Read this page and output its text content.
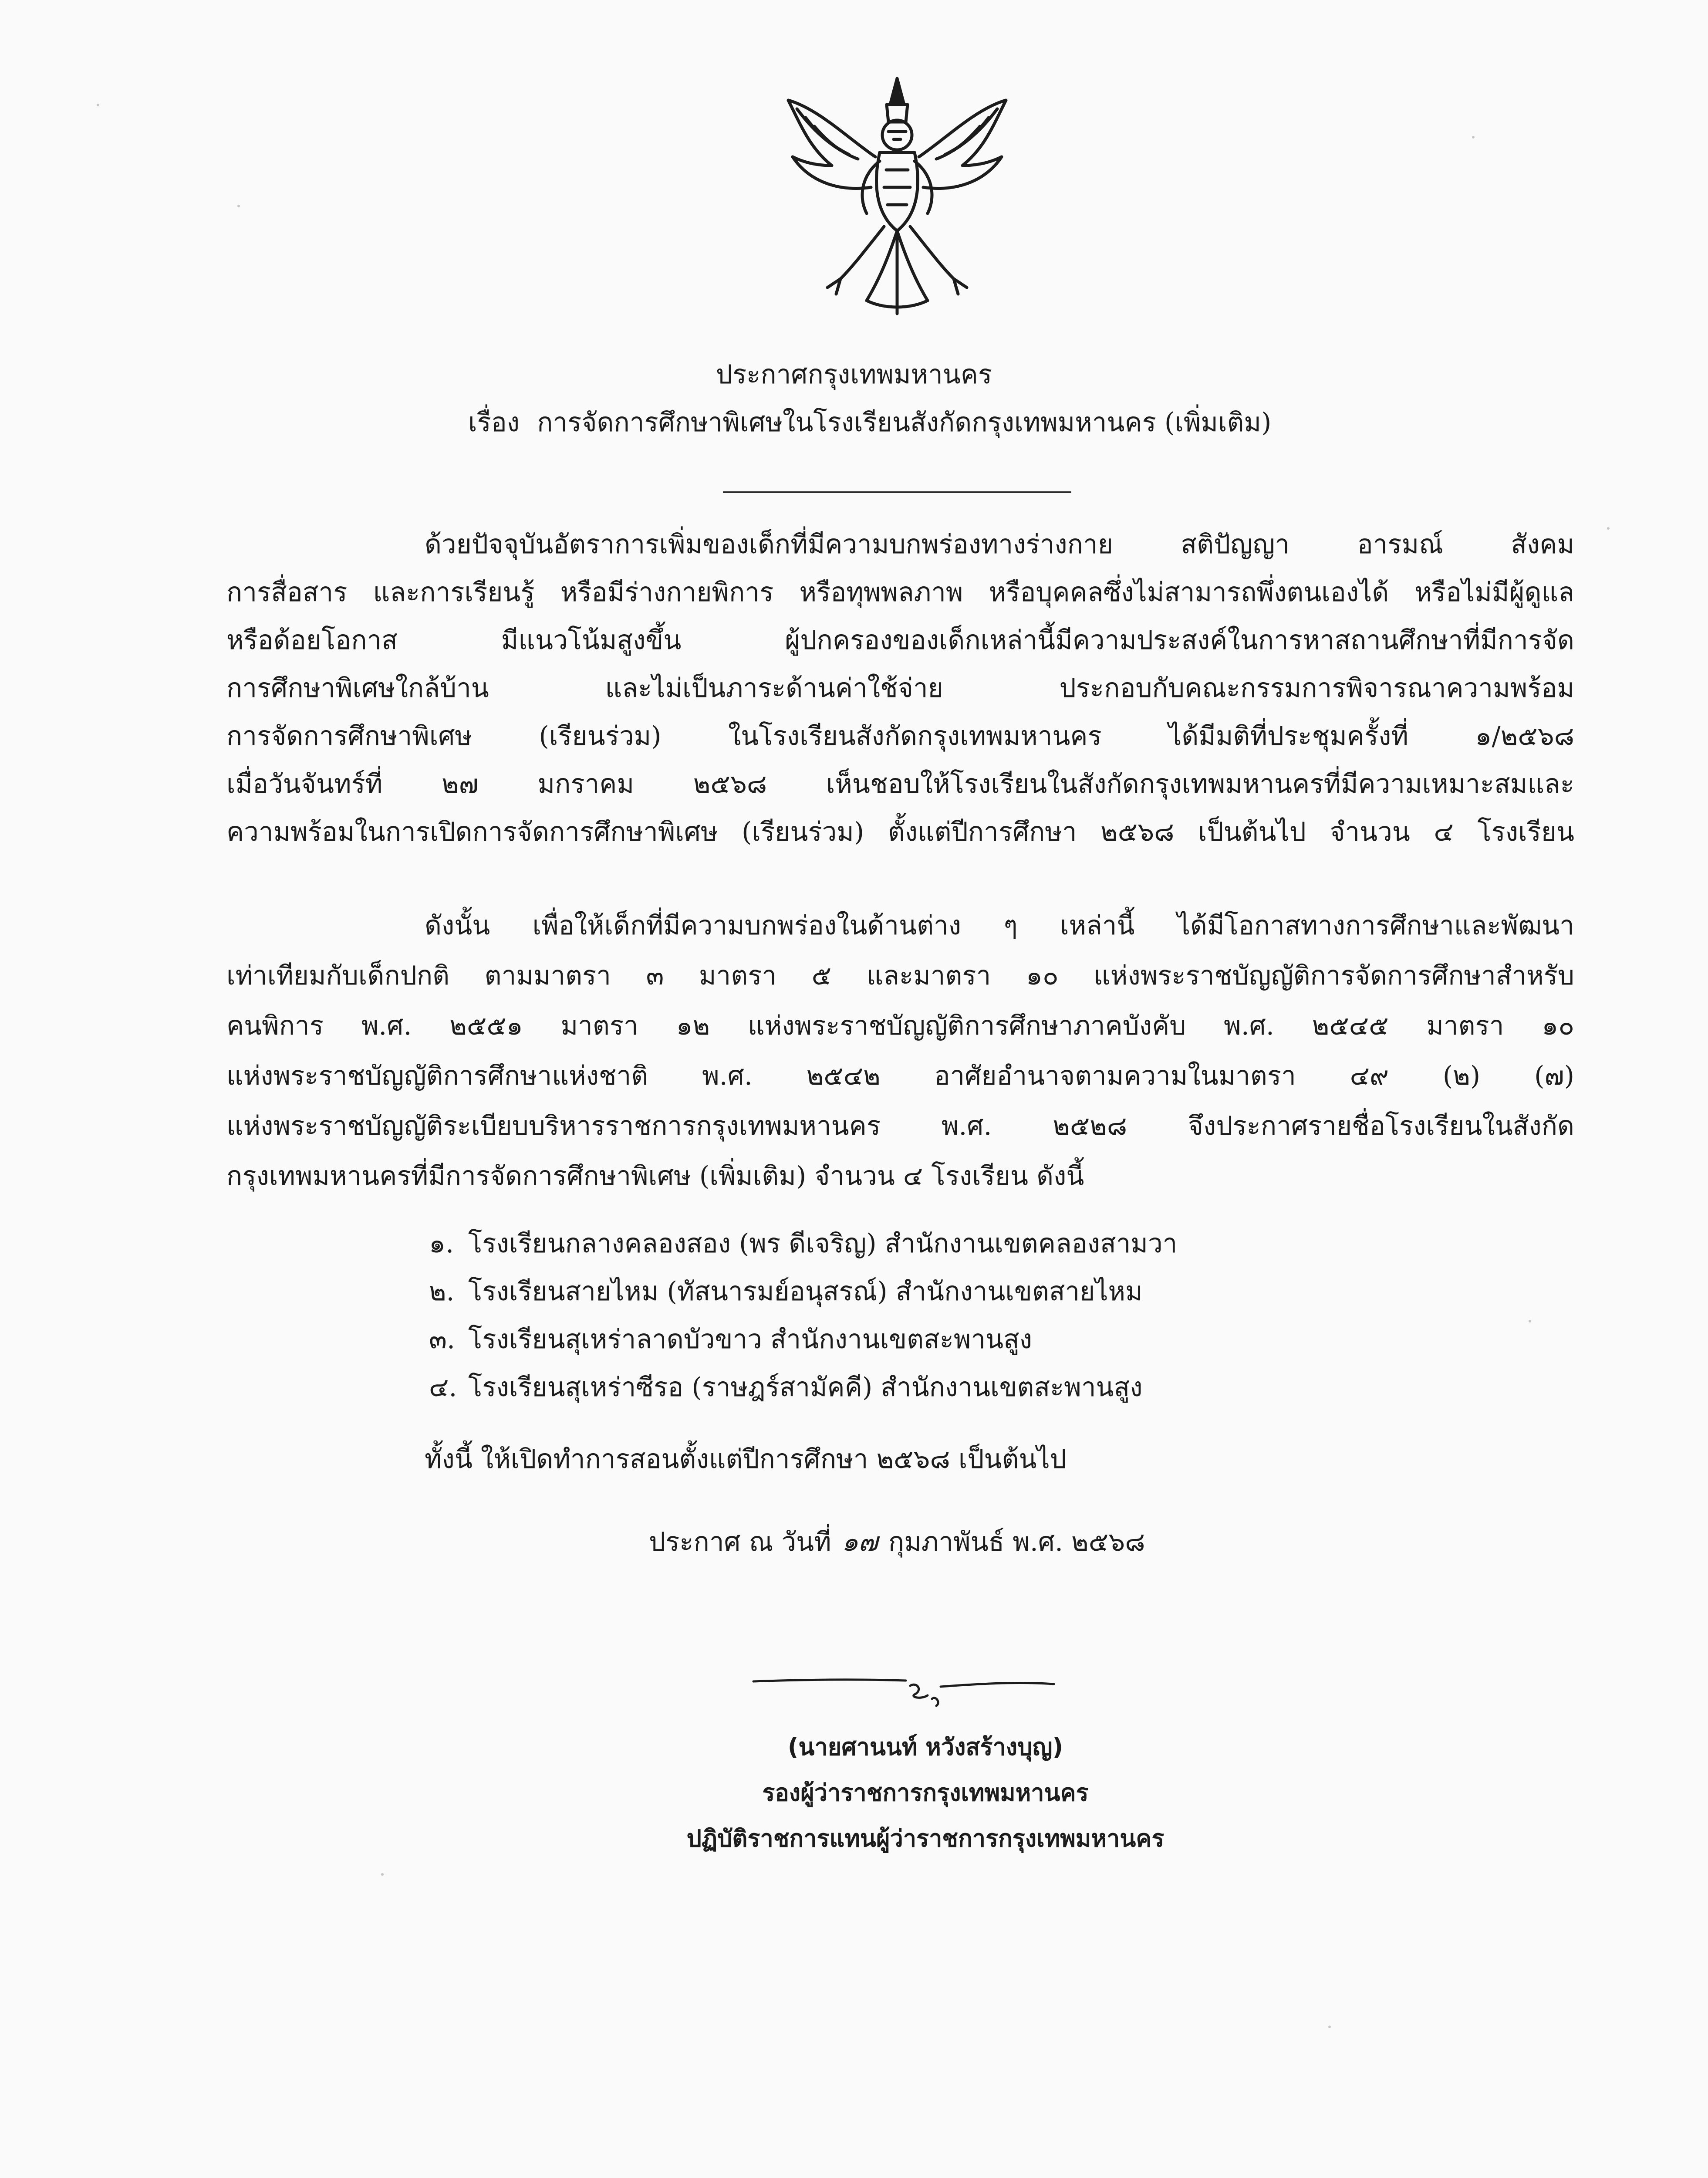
ประกาศกรุงเทพมหานคร
เรื่อง การจัดการศึกษาพิเศษในโรงเรียนสังกัดกรุงเทพมหานคร (เพิ่มเติม)
ด้วยปัจจุบันอัตราการเพิ่มของเด็กที่มีความบกพร่องทางร่างกาย สติปัญญา อารมณ์ สังคม
การสื่อสาร และการเรียนรู้ หรือมีร่างกายพิการ หรือทุพพลภาพ หรือบุคคลซึ่งไม่สามารถพึ่งตนเองได้ หรือไม่มีผู้ดูแล
หรือด้อยโอกาส มีแนวโน้มสูงขึ้น ผู้ปกครองของเด็กเหล่านี้มีความประสงค์ในการหาสถานศึกษาที่มีการจัด
การศึกษาพิเศษใกล้บ้าน และไม่เป็นภาระด้านค่าใช้จ่าย ประกอบกับคณะกรรมการพิจารณาความพร้อม
การจัดการศึกษาพิเศษ (เรียนร่วม) ในโรงเรียนสังกัดกรุงเทพมหานคร ได้มีมติที่ประชุมครั้งที่ ๑/๒๕๖๘
เมื่อวันจันทร์ที่ ๒๗ มกราคม ๒๕๖๘ เห็นชอบให้โรงเรียนในสังกัดกรุงเทพมหานครที่มีความเหมาะสมและ
ความพร้อมในการเปิดการจัดการศึกษาพิเศษ (เรียนร่วม) ตั้งแต่ปีการศึกษา ๒๕๖๘ เป็นต้นไป จำนวน ๔ โรงเรียน
ดังนั้น เพื่อให้เด็กที่มีความบกพร่องในด้านต่าง ๆ เหล่านี้ ได้มีโอกาสทางการศึกษาและพัฒนา
เท่าเทียมกับเด็กปกติ ตามมาตรา ๓ มาตรา ๕ และมาตรา ๑๐ แห่งพระราชบัญญัติการจัดการศึกษาสำหรับ
คนพิการ พ.ศ. ๒๕๕๑ มาตรา ๑๒ แห่งพระราชบัญญัติการศึกษาภาคบังคับ พ.ศ. ๒๕๔๕ มาตรา ๑๐
แห่งพระราชบัญญัติการศึกษาแห่งชาติ พ.ศ. ๒๕๔๒ อาศัยอำนาจตามความในมาตรา ๔๙ (๒) (๗)
แห่งพระราชบัญญัติระเบียบบริหารราชการกรุงเทพมหานคร พ.ศ. ๒๕๒๘ จึงประกาศรายชื่อโรงเรียนในสังกัด
กรุงเทพมหานครที่มีการจัดการศึกษาพิเศษ (เพิ่มเติม) จำนวน ๔ โรงเรียน ดังนี้
๑. โรงเรียนกลางคลองสอง (พร ดีเจริญ) สำนักงานเขตคลองสามวา
๒. โรงเรียนสายไหม (ทัสนารมย์อนุสรณ์) สำนักงานเขตสายไหม
๓. โรงเรียนสุเหร่าลาดบัวขาว สำนักงานเขตสะพานสูง
๔. โรงเรียนสุเหร่าซีรอ (ราษฎร์สามัคคี) สำนักงานเขตสะพานสูง
ทั้งนี้ ให้เปิดทำการสอนตั้งแต่ปีการศึกษา ๒๕๖๘ เป็นต้นไป
ประกาศ ณ วันที่ ๑๗ กุมภาพันธ์ พ.ศ. ๒๕๖๘
(นายศานนท์ หวังสร้างบุญ)
รองผู้ว่าราชการกรุงเทพมหานคร
ปฏิบัติราชการแทนผู้ว่าราชการกรุงเทพมหานคร
